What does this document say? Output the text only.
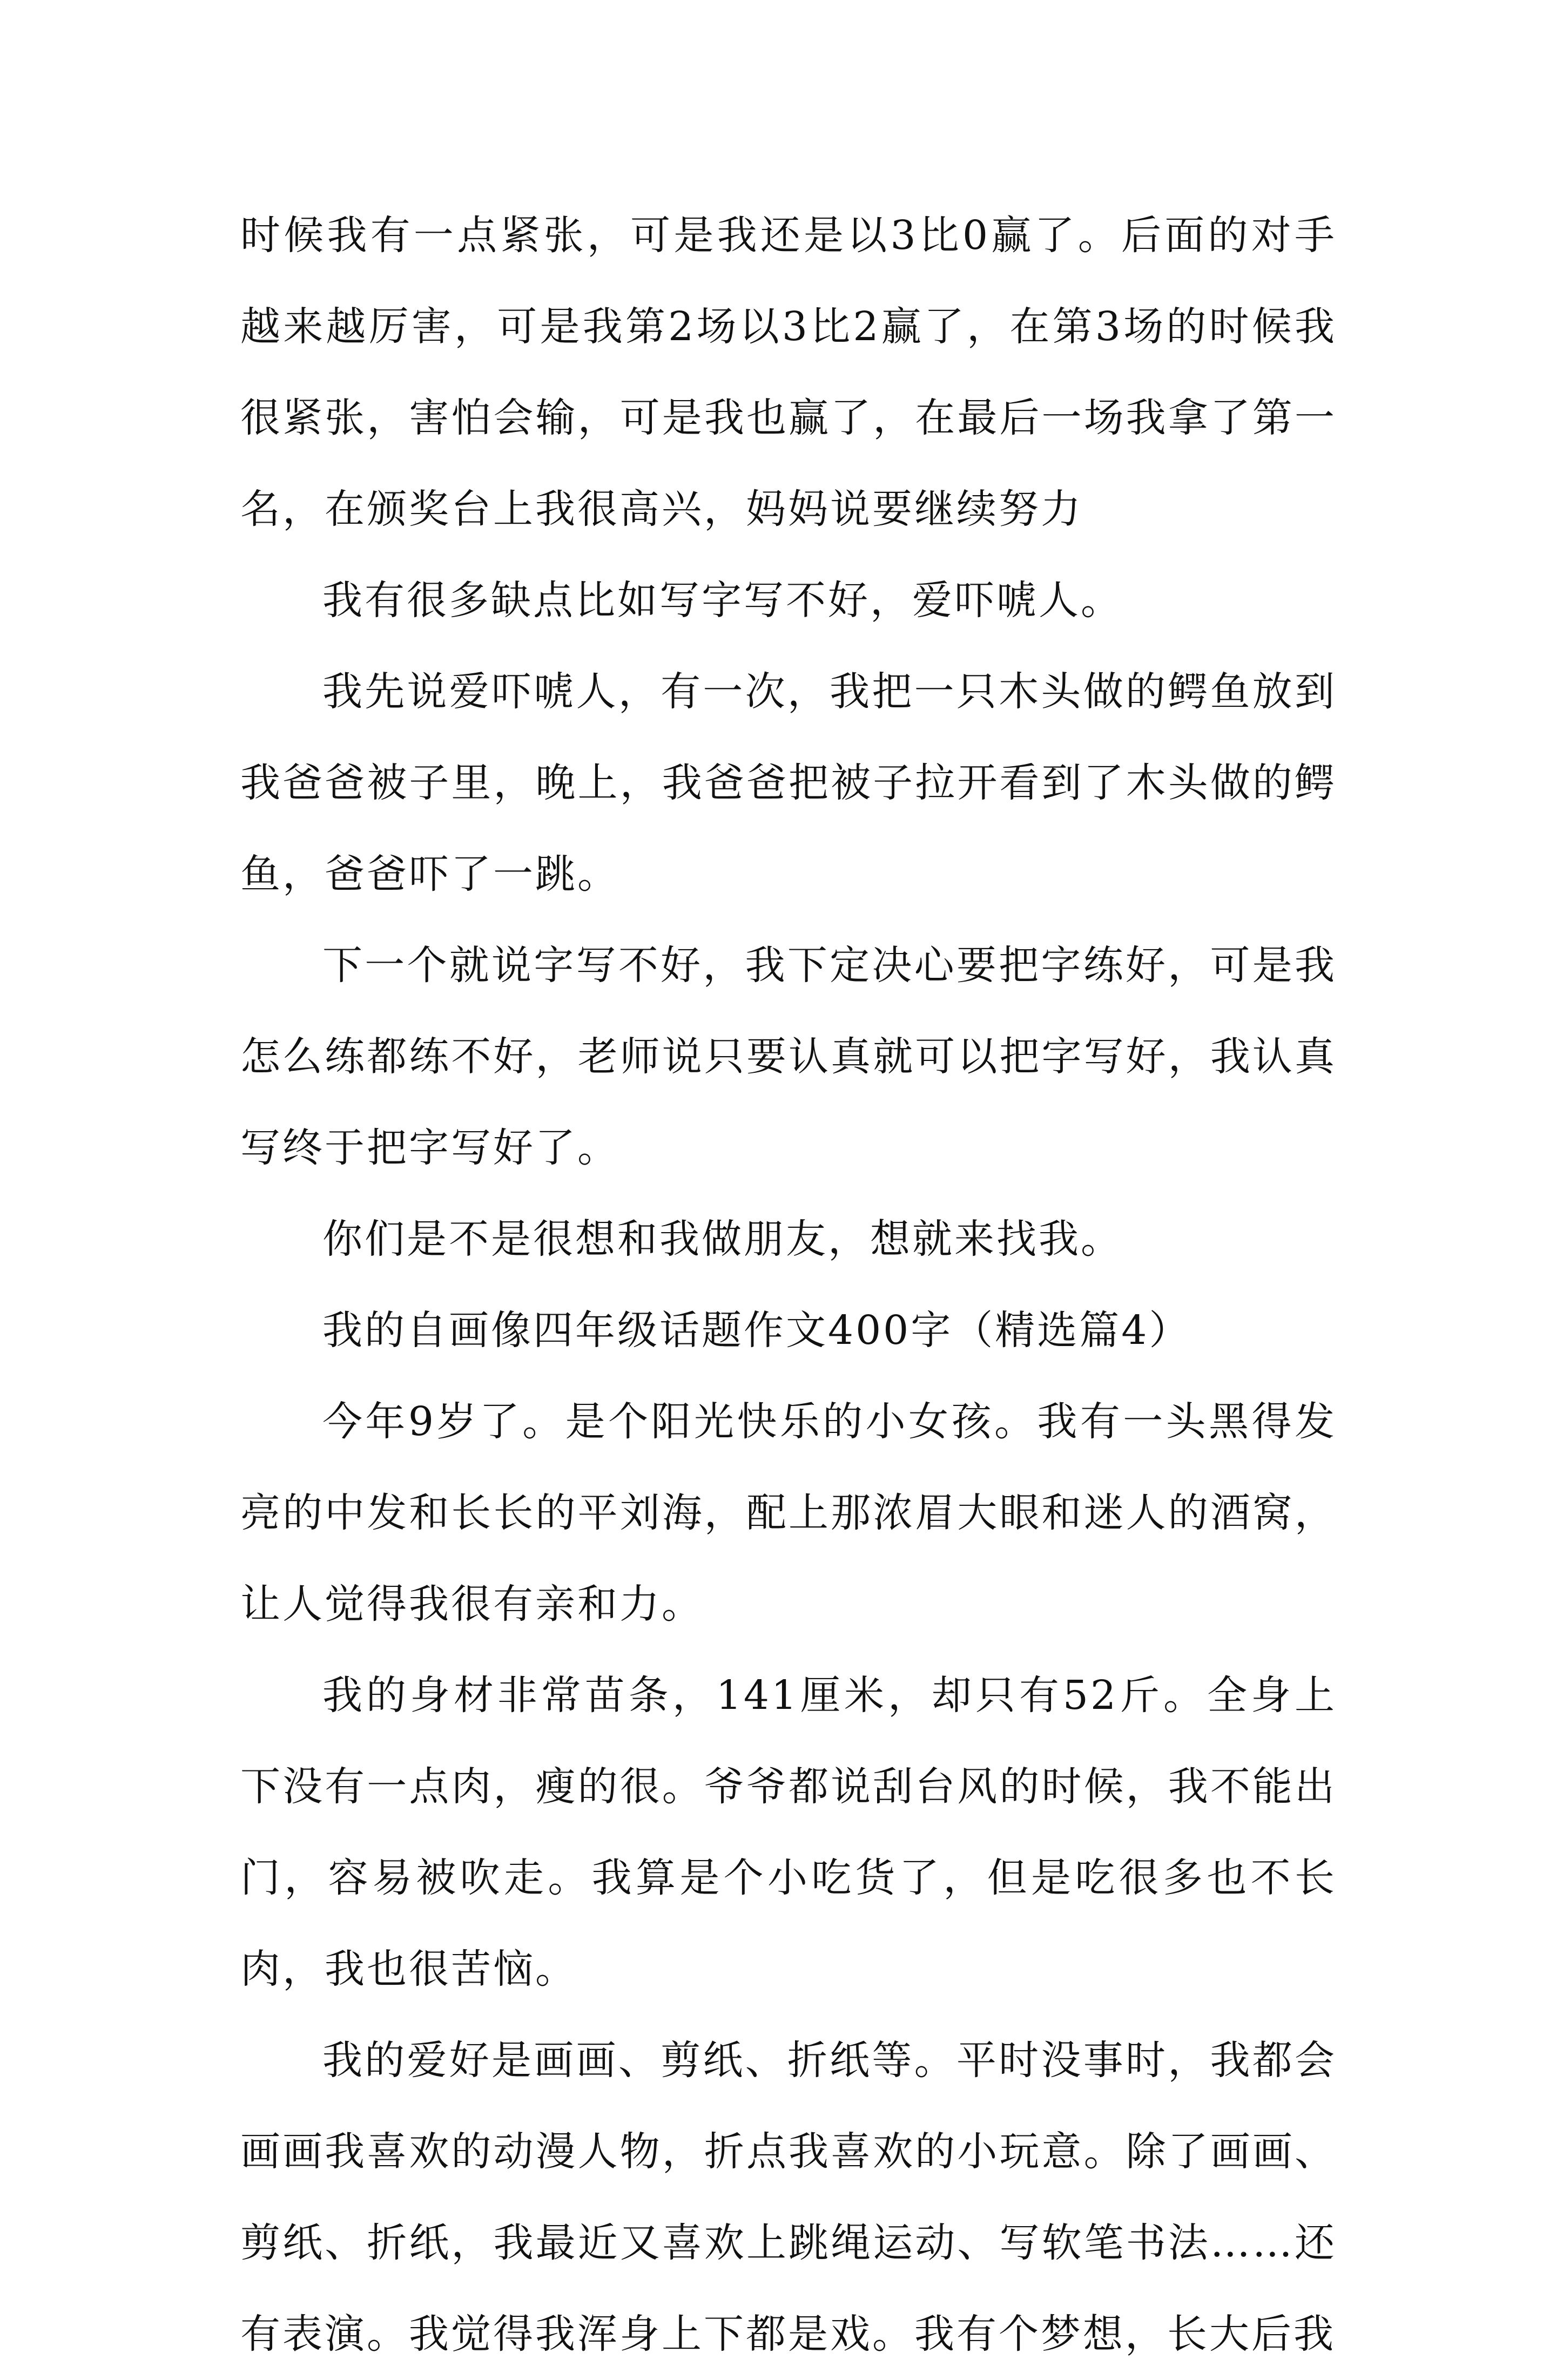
时候我有一点紧张，可是我还是以3比0赢了。后面的对手越来越厉害，可是我第2场以3比2赢了，在第3场的时候我很紧张，害怕会输，可是我也赢了，在最后一场我拿了第一名，在颁奖台上我很高兴，妈妈说要继续努力

我有很多缺点比如写字写不好，爱吓唬人。

我先说爱吓唬人，有一次，我把一只木头做的鳄鱼放到我爸爸被子里，晚上，我爸爸把被子拉开看到了木头做的鳄鱼，爸爸吓了一跳。

下一个就说字写不好，我下定决心要把字练好，可是我怎么练都练不好，老师说只要认真就可以把字写好，我认真写终于把字写好了。

你们是不是很想和我做朋友，想就来找我。

我的自画像四年级话题作文400字（精选篇4）

今年9岁了。是个阳光快乐的小女孩。我有一头黑得发亮的中发和长长的平刘海，配上那浓眉大眼和迷人的酒窝，让人觉得我很有亲和力。

我的身材非常苗条，141厘米，却只有52斤。全身上下没有一点肉，瘦的很。爷爷都说刮台风的时候，我不能出门，容易被吹走。我算是个小吃货了，但是吃很多也不长肉，我也很苦恼。

我的爱好是画画、剪纸、折纸等。平时没事时，我都会画画我喜欢的动漫人物，折点我喜欢的小玩意。除了画画、剪纸、折纸，我最近又喜欢上跳绳运动、写软笔书法……还有表演。我觉得我浑身上下都是戏。我有个梦想，长大后我
